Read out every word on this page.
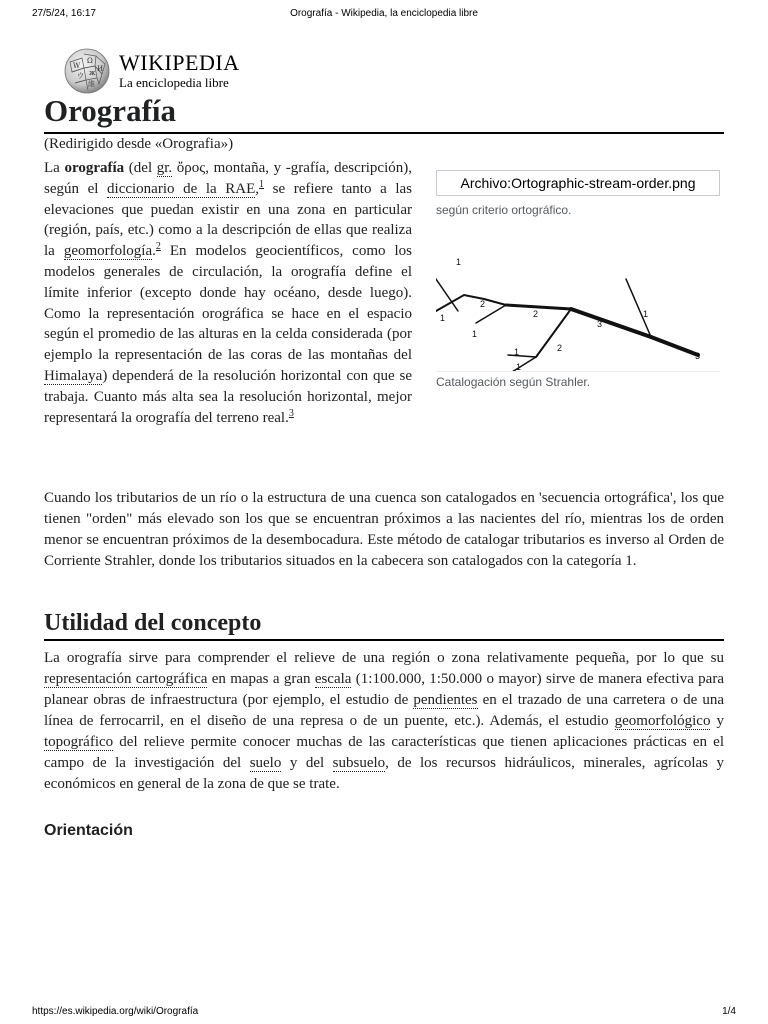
27/5/24, 16:17	Orografía - Wikipedia, la enciclopedia libre
W
Ω
И
ウ ж
維
WIKIPEDIA
La enciclopedia libre
Orografía
(Redirigido desde «Orografia»)

La orografía (del gr. ὄρος, montaña, y -grafía, descripción), según el diccionario de la RAE,$^1$ se refiere tanto a las elevaciones que puedan existir en una zona en particular (región, país, etc.) como a la descripción de ellas que realiza la geomorfología.$^2$ En modelos geocientíficos, como los modelos generales de circulación, la orografía define el límite inferior (excepto donde hay océano, desde luego). Como la representación orográfica se hace en el espacio según el promedio de las alturas en la celda considerada (por ejemplo la representación de las coras de las montañas del Himalaya) dependerá de la resolución horizontal con que se trabaja. Cuanto más alta sea la resolución horizontal, mejor representará la orografía del terreno real.$^3$

Archivo:Ortographic-stream-order.png
según criterio ortográfico.
1
1
2
1
2
3
1
1	2
3
1
Catalogación según Strahler.

Cuando los tributarios de un río o la estructura de una cuenca son catalogados en 'secuencia ortográfica', los que tienen "orden" más elevado son los que se encuentran próximos a las nacientes del río, mientras los de orden menor se encuentran próximos de la desembocadura. Este método de catalogar tributarios es inverso al Orden de Corriente Strahler, donde los tributarios situados en la cabecera son catalogados con la categoría 1.

Utilidad del concepto

La orografía sirve para comprender el relieve de una región o zona relativamente pequeña, por lo que su representación cartográfica en mapas a gran escala (1:100.000, 1:50.000 o mayor) sirve de manera efectiva para planear obras de infraestructura (por ejemplo, el estudio de pendientes en el trazado de una carretera o de una línea de ferrocarril, en el diseño de una represa o de un puente, etc.). Además, el estudio geomorfológico y topográfico del relieve permite conocer muchas de las características que tienen aplicaciones prácticas en el campo de la investigación del suelo y del subsuelo, de los recursos hidráulicos, minerales, agrícolas y económicos en general de la zona de que se trate.

Orientación
https://es.wikipedia.org/wiki/Orografía	1/4
